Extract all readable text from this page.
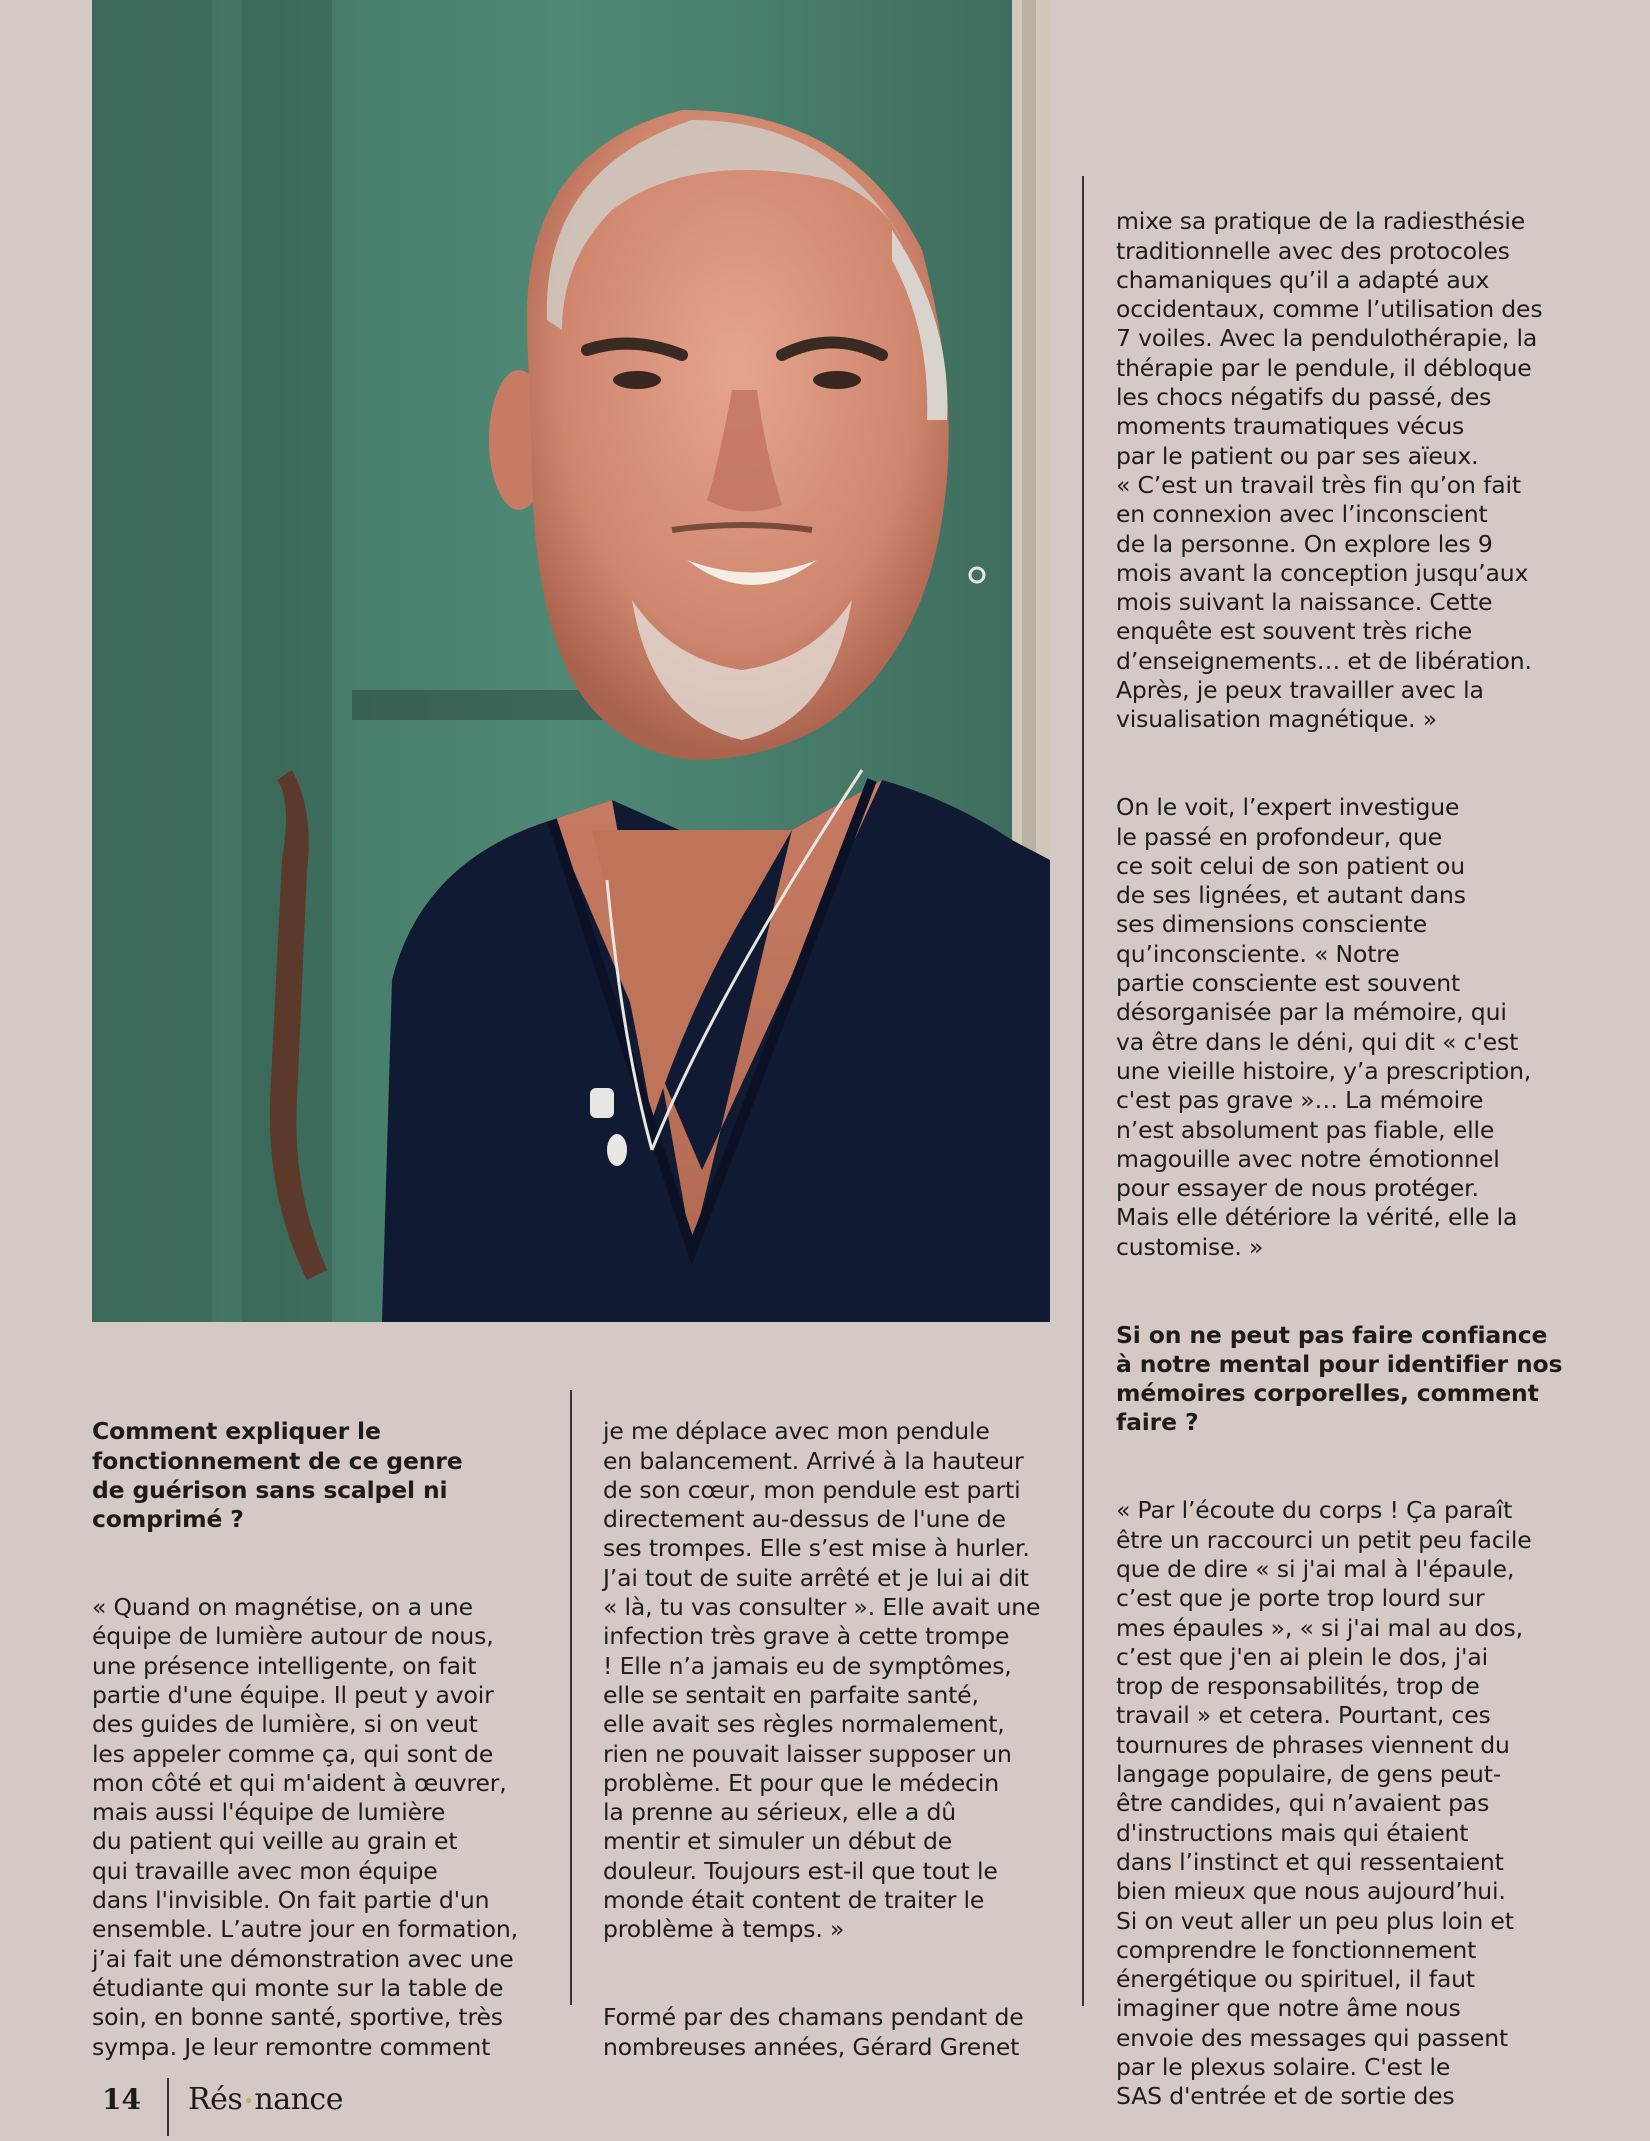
Comment expliquer le
fonctionnement de ce genre
de guérison sans scalpel ni
comprimé ?

« Quand on magnétise, on a une
équipe de lumière autour de nous,
une présence intelligente, on fait
partie d'une équipe. Il peut y avoir
des guides de lumière, si on veut
les appeler comme ça, qui sont de
mon côté et qui m'aident à œuvrer,
mais aussi l'équipe de lumière
du patient qui veille au grain et
qui travaille avec mon équipe
dans l'invisible. On fait partie d'un
ensemble. L’autre jour en formation,
j’ai fait une démonstration avec une
étudiante qui monte sur la table de
soin, en bonne santé, sportive, très
sympa. Je leur remontre comment

je me déplace avec mon pendule
en balancement. Arrivé à la hauteur
de son cœur, mon pendule est parti
directement au-dessus de l'une de
ses trompes. Elle s’est mise à hurler.
J’ai tout de suite arrêté et je lui ai dit
« là, tu vas consulter ». Elle avait une
infection très grave à cette trompe
! Elle n’a jamais eu de symptômes,
elle se sentait en parfaite santé,
elle avait ses règles normalement,
rien ne pouvait laisser supposer un
problème. Et pour que le médecin
la prenne au sérieux, elle a dû
mentir et simuler un début de
douleur. Toujours est-il que tout le
monde était content de traiter le
problème à temps. »

Formé par des chamans pendant de
nombreuses années, Gérard Grenet

mixe sa pratique de la radiesthésie
traditionnelle avec des protocoles
chamaniques qu’il a adapté aux
occidentaux, comme l’utilisation des
7 voiles. Avec la pendulothérapie, la
thérapie par le pendule, il débloque
les chocs négatifs du passé, des
moments traumatiques vécus
par le patient ou par ses aïeux.
« C’est un travail très fin qu’on fait
en connexion avec l’inconscient
de la personne. On explore les 9
mois avant la conception jusqu’aux
mois suivant la naissance. Cette
enquête est souvent très riche
d’enseignements… et de libération.
Après, je peux travailler avec la
visualisation magnétique. »

On le voit, l’expert investigue
le passé en profondeur, que
ce soit celui de son patient ou
de ses lignées, et autant dans
ses dimensions consciente
qu’inconsciente. « Notre
partie consciente est souvent
désorganisée par la mémoire, qui
va être dans le déni, qui dit « c'est
une vieille histoire, y’a prescription,
c'est pas grave »… La mémoire
n’est absolument pas fiable, elle
magouille avec notre émotionnel
pour essayer de nous protéger.
Mais elle détériore la vérité, elle la
customise. »

Si on ne peut pas faire confiance
à notre mental pour identifier nos
mémoires corporelles, comment
faire ?

« Par l’écoute du corps ! Ça paraît
être un raccourci un petit peu facile
que de dire « si j'ai mal à l'épaule,
c’est que je porte trop lourd sur
mes épaules », « si j'ai mal au dos,
c’est que j'en ai plein le dos, j'ai
trop de responsabilités, trop de
travail » et cetera. Pourtant, ces
tournures de phrases viennent du
langage populaire, de gens peut-
être candides, qui n’avaient pas
d'instructions mais qui étaient
dans l’instinct et qui ressentaient
bien mieux que nous aujourd’hui.
Si on veut aller un peu plus loin et
comprendre le fonctionnement
énergétique ou spirituel, il faut
imaginer que notre âme nous
envoie des messages qui passent
par le plexus solaire. C'est le
SAS d'entrée et de sortie des

14 Rés•nance
